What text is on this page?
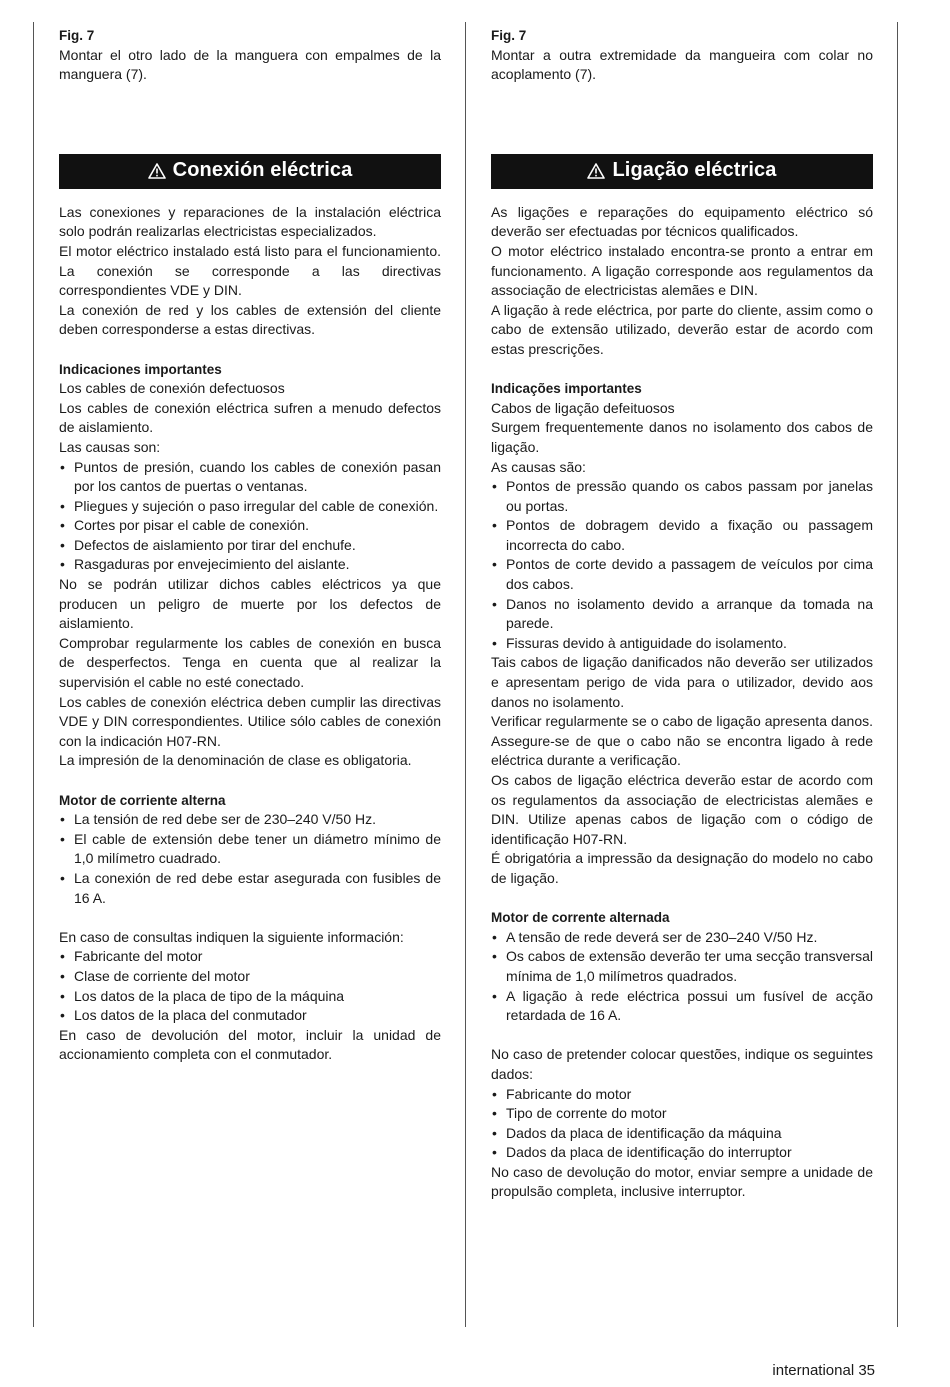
Fig. 7

Montar el otro lado de la manguera con empalmes de la manguera (7).

Conexión eléctrica

Las conexiones y reparaciones de la instalación eléctrica solo podrán realizarlas electricistas especializados.

El motor eléctrico instalado está listo para el funcionamiento. La conexión se corresponde a las directivas correspondientes VDE y DIN.

La conexión de red y los cables de extensión del cliente deben corresponderse a estas directivas.

Indicaciones importantes

Los cables de conexión defectuosos

Los cables de conexión eléctrica sufren a menudo defectos de aislamiento.

Las causas son:

• Puntos de presión, cuando los cables de conexión pasan por los cantos de puertas o ventanas.
• Pliegues y sujeción o paso irregular del cable de conexión.
• Cortes por pisar el cable de conexión.
• Defectos de aislamiento por tirar del enchufe.
• Rasgaduras por envejecimiento del aislante.

No se podrán utilizar dichos cables eléctricos ya que producen un peligro de muerte por los defectos de aislamiento.

Comprobar regularmente los cables de conexión en busca de desperfectos. Tenga en cuenta que al realizar la supervisión el cable no esté conectado.

Los cables de conexión eléctrica deben cumplir las directivas VDE y DIN correspondientes. Utilice sólo cables de conexión con la indicación H07-RN.

La impresión de la denominación de clase es obligatoria.

Motor de corriente alterna
• La tensión de red debe ser de 230–240 V/50 Hz.
• El cable de extensión debe tener un diámetro mínimo de 1,0 milímetro cuadrado.
• La conexión de red debe estar asegurada con fusibles de 16 A.

En caso de consultas indiquen la siguiente información:

• Fabricante del motor
• Clase de corriente del motor
• Los datos de la placa de tipo de la máquina
• Los datos de la placa del conmutador

En caso de devolución del motor, incluir la unidad de accionamiento completa con el conmutador.

Fig. 7

Montar a outra extremidade da mangueira com colar no acoplamento (7).

Ligação eléctrica

As ligações e reparações do equipamento eléctrico só deverão ser efectuadas por técnicos qualificados.

O motor eléctrico instalado encontra-se pronto a entrar em funcionamento. A ligação corresponde aos regulamentos da associação de electricistas alemães e DIN.

A ligação à rede eléctrica, por parte do cliente, assim como o cabo de extensão utilizado, deverão estar de acordo com estas prescrições.

Indicações importantes

Cabos de ligação defeituosos

Surgem frequentemente danos no isolamento dos cabos de ligação.

As causas são:

• Pontos de pressão quando os cabos passam por janelas ou portas.
• Pontos de dobragem devido a fixação ou passagem incorrecta do cabo.
• Pontos de corte devido a passagem de veículos por cima dos cabos.
• Danos no isolamento devido a arranque da tomada na parede.
• Fissuras devido à antiguidade do isolamento.

Tais cabos de ligação danificados não deverão ser utilizados e apresentam perigo de vida para o utilizador, devido aos danos no isolamento.

Verificar regularmente se o cabo de ligação apresenta danos. Assegure-se de que o cabo não se encontra ligado à rede eléctrica durante a verificação.

Os cabos de ligação eléctrica deverão estar de acordo com os regulamentos da associação de electricistas alemães e DIN. Utilize apenas cabos de ligação com o código de identificação H07-RN.

É obrigatória a impressão da designação do modelo no cabo de ligação.

Motor de corrente alternada
• A tensão de rede deverá ser de 230–240 V/50 Hz.
• Os cabos de extensão deverão ter uma secção transversal mínima de 1,0 milímetros quadrados.
• A ligação à rede eléctrica possui um fusível de acção retardada de 16 A.

No caso de pretender colocar questões, indique os seguintes dados:

• Fabricante do motor
• Tipo de corrente do motor
• Dados da placa de identificação da máquina
• Dados da placa de identificação do interruptor

No caso de devolução do motor, enviar sempre a unidade de propulsão completa, inclusive interruptor.

international 35
